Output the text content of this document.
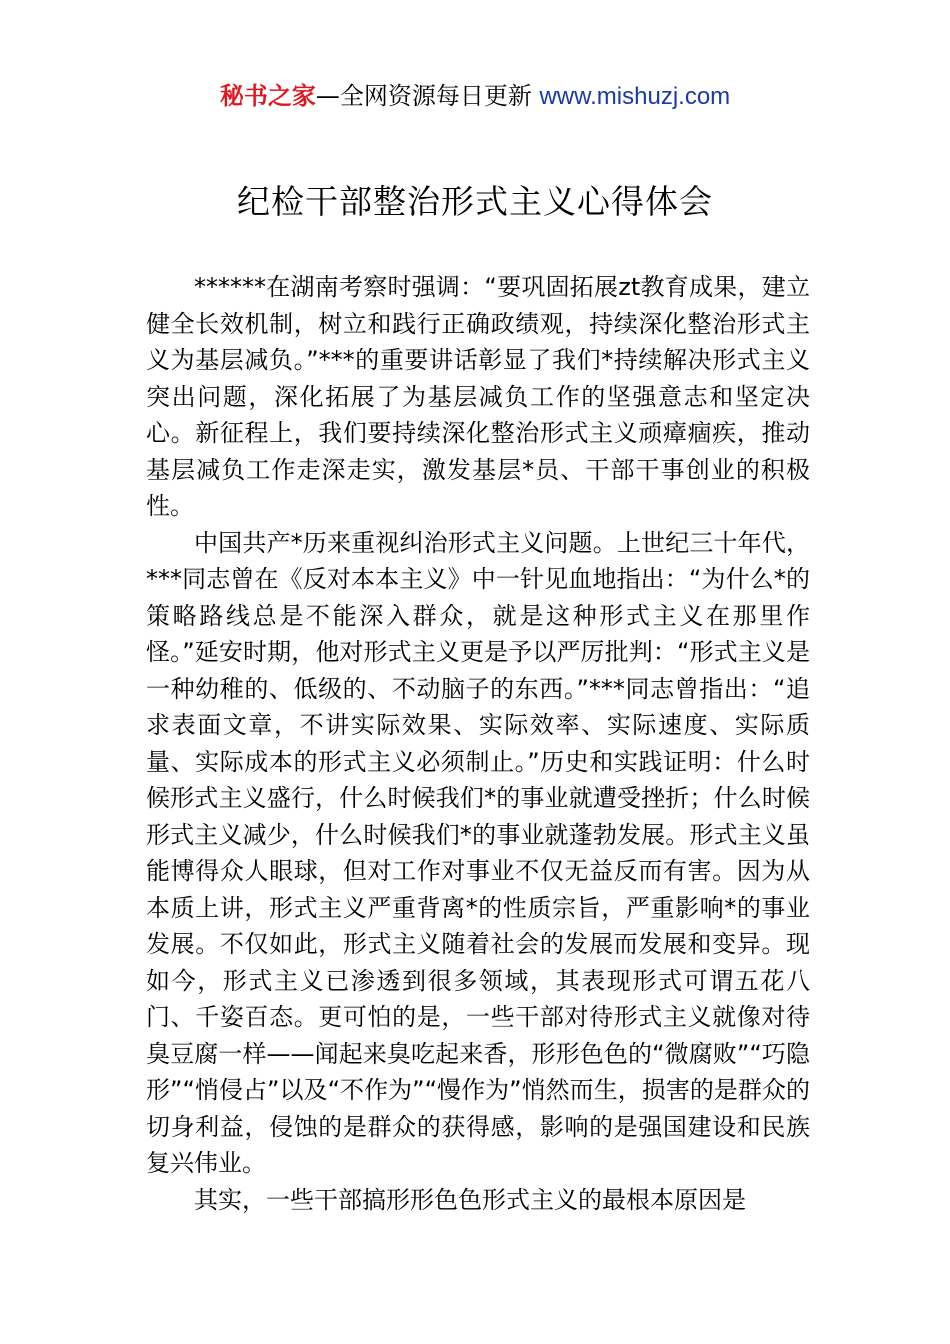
秘书之家—全网资源每日更新 www.mishuzj.com
纪检干部整治形式主义心得体会

******在湖南考察时强调：“要巩固拓展zt教育成果，建立健全长效机制，树立和践行正确政绩观，持续深化整治形式主义为基层减负。”***的重要讲话彰显了我们*持续解决形式主义突出问题，深化拓展了为基层减负工作的坚强意志和坚定决心。新征程上，我们要持续深化整治形式主义顽瘴痼疾，推动基层减负工作走深走实，激发基层*员、干部干事创业的积极性。

中国共产*历来重视纠治形式主义问题。上世纪三十年代，***同志曾在《反对本本主义》中一针见血地指出：“为什么*的策略路线总是不能深入群众，就是这种形式主义在那里作怪。”延安时期，他对形式主义更是予以严厉批判：“形式主义是一种幼稚的、低级的、不动脑子的东西。”***同志曾指出：“追求表面文章，不讲实际效果、实际效率、实际速度、实际质量、实际成本的形式主义必须制止。”历史和实践证明：什么时候形式主义盛行，什么时候我们*的事业就遭受挫折；什么时候形式主义减少，什么时候我们*的事业就蓬勃发展。形式主义虽能博得众人眼球，但对工作对事业不仅无益反而有害。因为从本质上讲，形式主义严重背离*的性质宗旨，严重影响*的事业发展。不仅如此，形式主义随着社会的发展而发展和变异。现如今，形式主义已渗透到很多领域，其表现形式可谓五花八门、千姿百态。更可怕的是，一些干部对待形式主义就像对待臭豆腐一样——闻起来臭吃起来香，形形色色的“微腐败”“巧隐形”“悄侵占”以及“不作为”“慢作为”悄然而生，损害的是群众的切身利益，侵蚀的是群众的获得感，影响的是强国建设和民族复兴伟业。

其实，一些干部搞形形色色形式主义的最根本原因是
